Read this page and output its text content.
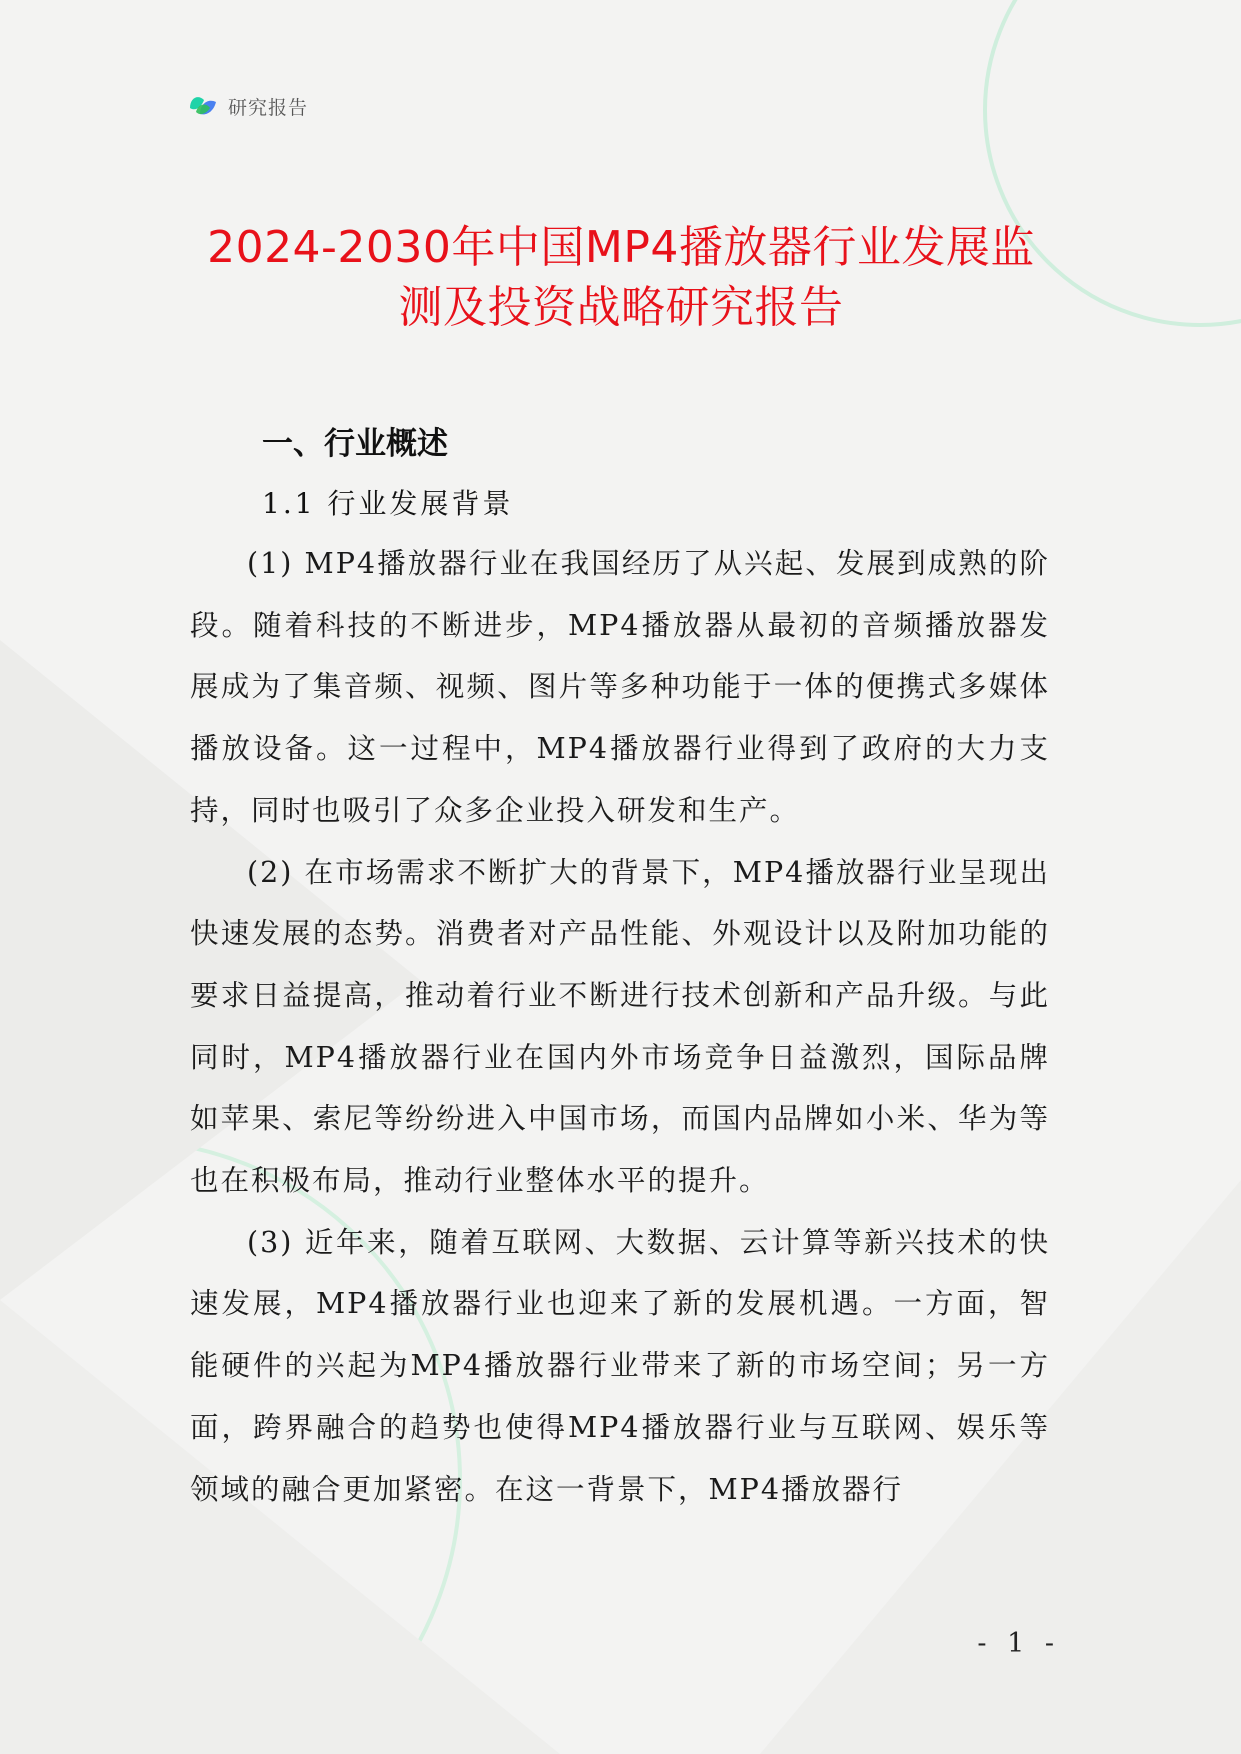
研究报告
2024-2030年中国MP4播放器行业发展监测及投资战略研究报告
一、行业概述
1.1 行业发展背景

(1) MP4播放器行业在我国经历了从兴起、发展到成熟的阶段。随着科技的不断进步，MP4播放器从最初的音频播放器发展成为了集音频、视频、图片等多种功能于一体的便携式多媒体播放设备。这一过程中，MP4播放器行业得到了政府的大力支持，同时也吸引了众多企业投入研发和生产。

(2) 在市场需求不断扩大的背景下，MP4播放器行业呈现出快速发展的态势。消费者对产品性能、外观设计以及附加功能的要求日益提高，推动着行业不断进行技术创新和产品升级。与此同时，MP4播放器行业在国内外市场竞争日益激烈，国际品牌如苹果、索尼等纷纷进入中国市场，而国内品牌如小米、华为等也在积极布局，推动行业整体水平的提升。

(3) 近年来，随着互联网、大数据、云计算等新兴技术的快速发展，MP4播放器行业也迎来了新的发展机遇。一方面，智能硬件的兴起为MP4播放器行业带来了新的市场空间；另一方面，跨界融合的趋势也使得MP4播放器行业与互联网、娱乐等领域的融合更加紧密。在这一背景下，MP4播放器行

- 1 -
